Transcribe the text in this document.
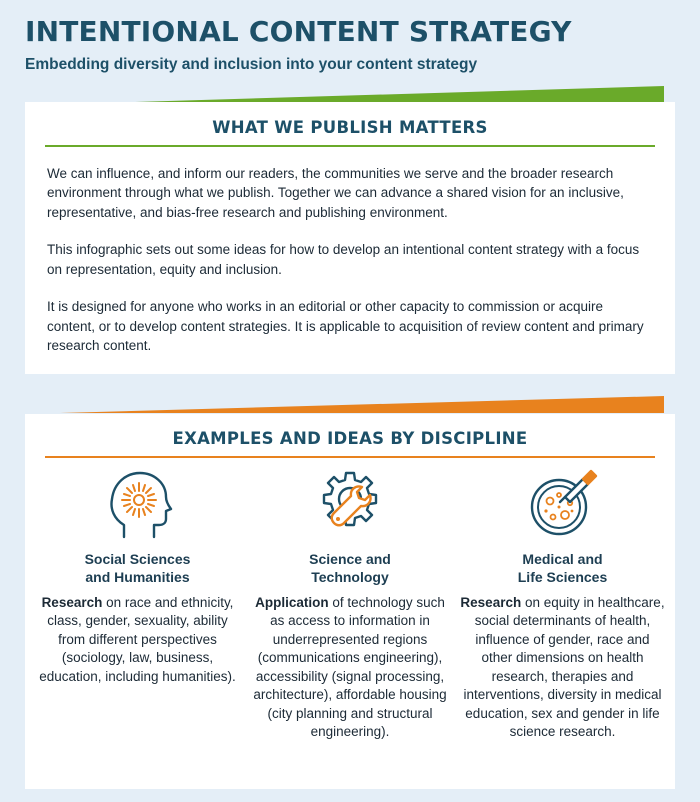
INTENTIONAL CONTENT STRATEGY
Embedding diversity and inclusion into your content strategy
WHAT WE PUBLISH MATTERS

We can influence, and inform our readers, the communities we serve and the broader research environment through what we publish. Together we can advance a shared vision for an inclusive, representative, and bias-free research and publishing environment.

This infographic sets out some ideas for how to develop an intentional content strategy with a focus on representation, equity and inclusion.

It is designed for anyone who works in an editorial or other capacity to commission or acquire content, or to develop content strategies. It is applicable to acquisition of review content and primary research content.

EXAMPLES AND IDEAS BY DISCIPLINE
Social Sciences
and Humanities
Research on race and ethnicity, class, gender, sexuality, ability from different perspectives (sociology, law, business, education, including humanities).
Science and
Technology
Application of technology such as access to information in underrepresented regions (communications engineering), accessibility (signal processing, architecture), affordable housing (city planning and structural engineering).
Medical and
Life Sciences
Research on equity in healthcare, social determinants of health, influence of gender, race and other dimensions on health research, therapies and interventions, diversity in medical education, sex and gender in life science research.
